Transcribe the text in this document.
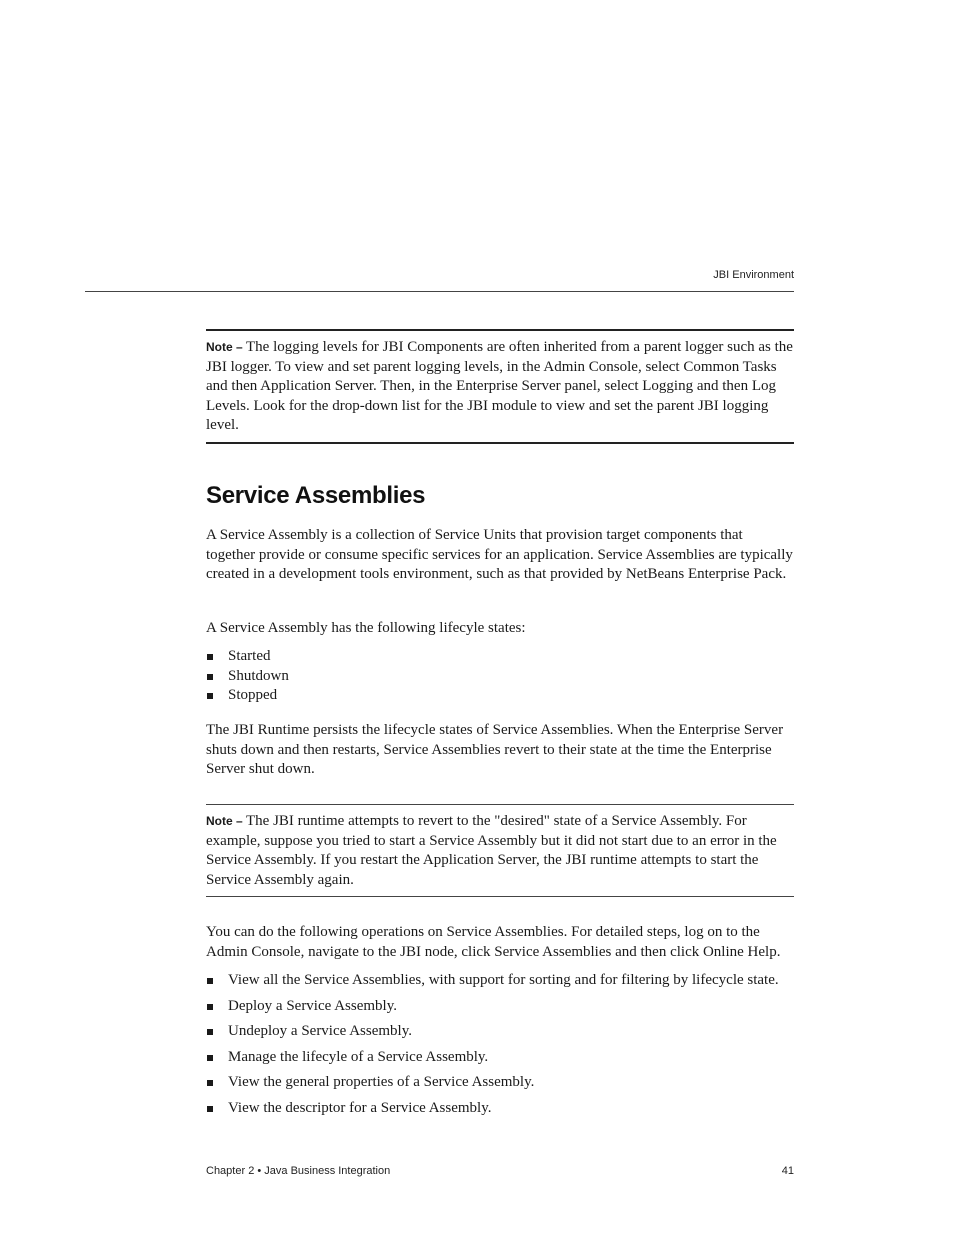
JBI Environment
Note – The logging levels for JBI Components are often inherited from a parent logger such as the JBI logger. To view and set parent logging levels, in the Admin Console, select Common Tasks and then Application Server. Then, in the Enterprise Server panel, select Logging and then Log Levels. Look for the drop-down list for the JBI module to view and set the parent JBI logging level.
Service Assemblies

A Service Assembly is a collection of Service Units that provision target components that together provide or consume specific services for an application. Service Assemblies are typically created in a development tools environment, such as that provided by NetBeans Enterprise Pack.

A Service Assembly has the following lifecyle states:

Started
Shutdown
Stopped

The JBI Runtime persists the lifecycle states of Service Assemblies. When the Enterprise Server shuts down and then restarts, Service Assemblies revert to their state at the time the Enterprise Server shut down.

Note – The JBI runtime attempts to revert to the "desired" state of a Service Assembly. For example, suppose you tried to start a Service Assembly but it did not start due to an error in the Service Assembly. If you restart the Application Server, the JBI runtime attempts to start the Service Assembly again.

You can do the following operations on Service Assemblies. For detailed steps, log on to the Admin Console, navigate to the JBI node, click Service Assemblies and then click Online Help.

View all the Service Assemblies, with support for sorting and for filtering by lifecycle state.
Deploy a Service Assembly.
Undeploy a Service Assembly.
Manage the lifecyle of a Service Assembly.
View the general properties of a Service Assembly.
View the descriptor for a Service Assembly.
Chapter 2 • Java Business Integration	41
